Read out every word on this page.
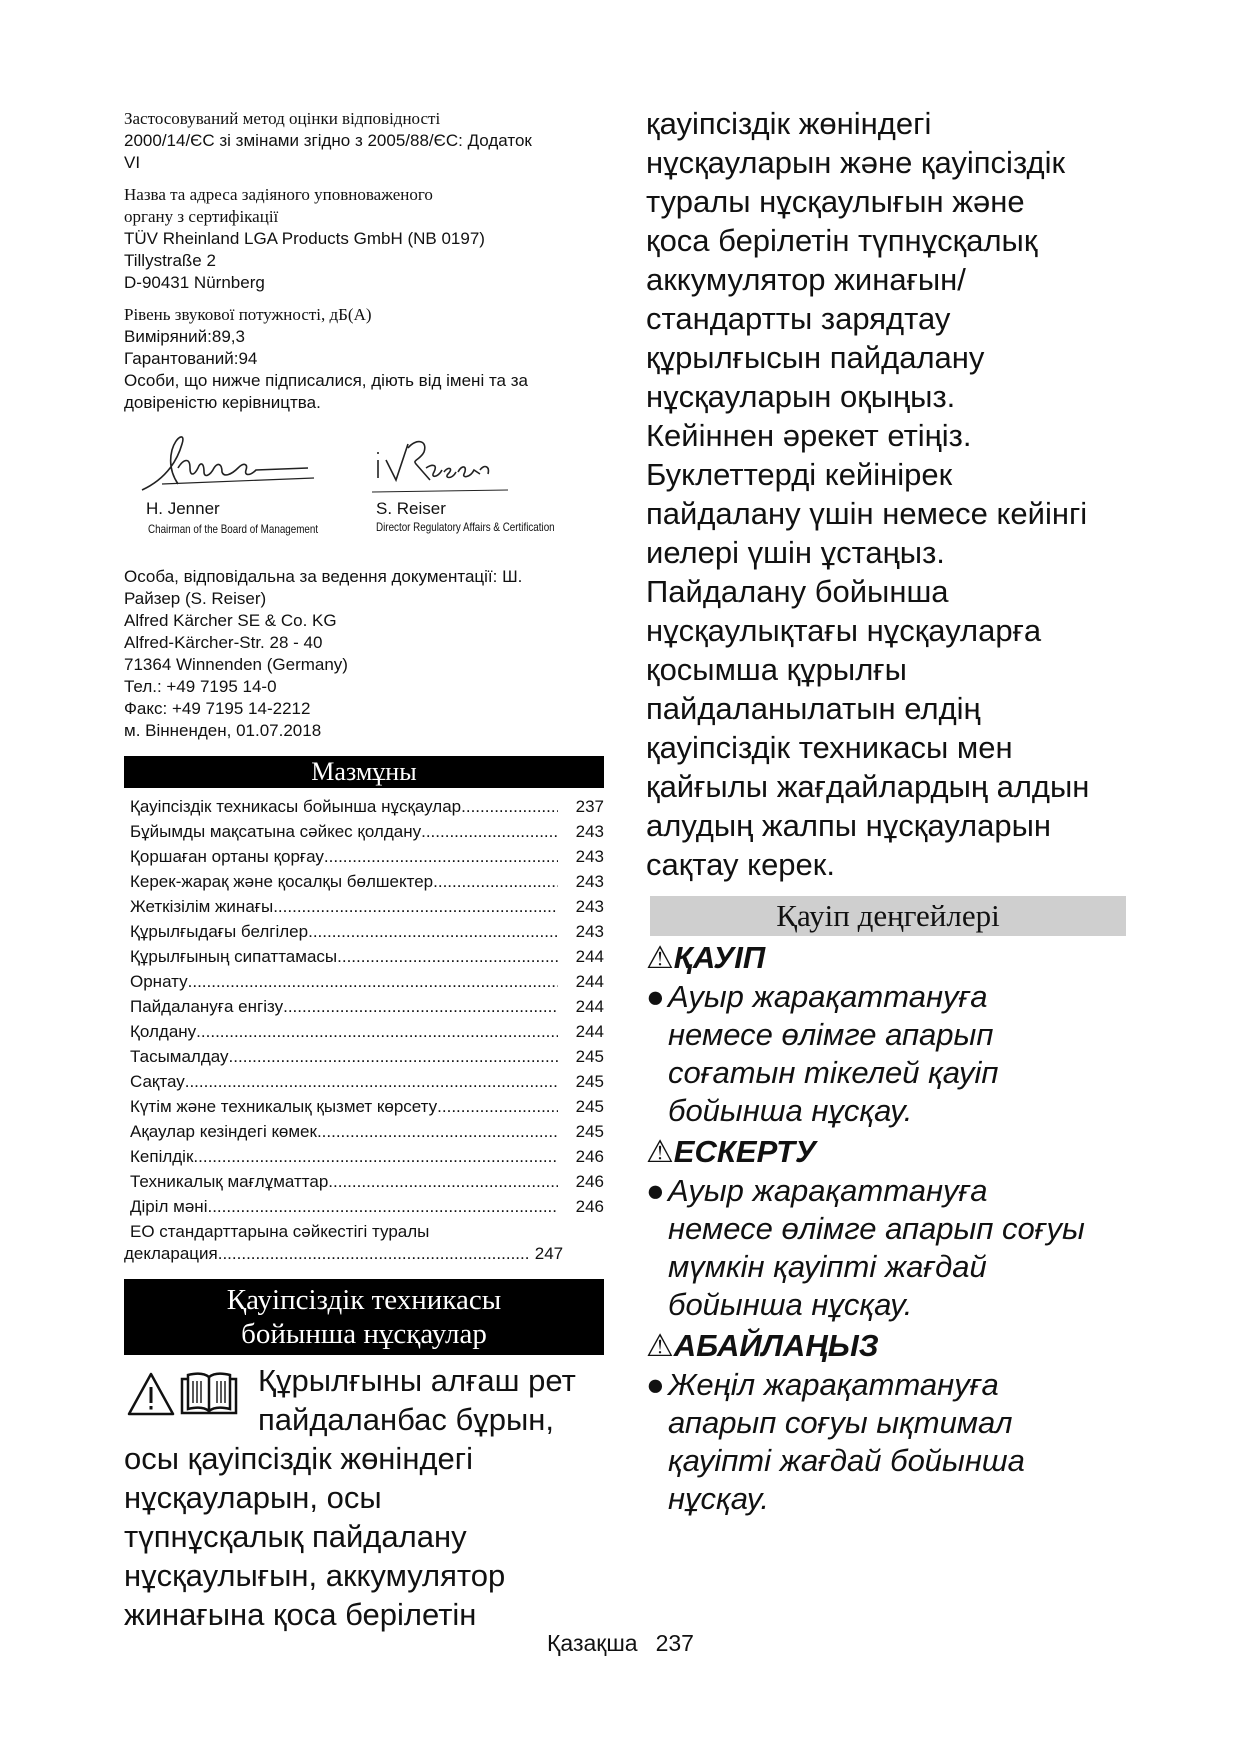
Застосовуваний метод оцінки відповідності

2000/14/ЄС зі змінами згідно з 2005/88/ЄС: Додаток

VI

Назва та адреса задіяного уповноваженого

органу з сертифікації

TÜV Rheinland LGA Products GmbH (NB 0197)

Tillystraße 2

D-90431 Nürnberg

Рівень звукової потужності, дБ(А)

Виміряний:89,3

Гарантований:94

Особи, що нижче підписалися, діють від імені та за

довіреністю керівництва.

H. Jenner
Chairman of the Board of Management
S. Reiser
Director Regulatory Affairs & Certification

Особа, відповідальна за ведення документації: Ш.

Райзер (S. Reiser)

Alfred Kärcher SE & Co. KG

Alfred-Kärcher-Str. 28 - 40

71364 Winnenden (Germany)

Тел.: +49 7195 14-0

Факс: +49 7195 14-2212

м. Вінненден, 01.07.2018

Мазмұны
Қауіпсіздік техникасы бойынша нұсқаулар .....	237
Бұйымды мақсатына сәйкес қолдану .....	243
Қоршаған ортаны қорғау .....	243
Керек-жарақ және қосалқы бөлшектер .....	243
Жеткізілім жинағы .....	243
Құрылғыдағы белгілер .....	243
Құрылғының сипаттамасы .....	244
Орнату .....	244
Пайдалануға енгізу .....	244
Қолдану .....	244
Тасымалдау .....	245
Сақтау .....	245
Күтім және техникалық қызмет көрсету .....	245
Ақаулар кезіндегі көмек .....	245
Кепілдік .....	246
Техникалық мағлұматтар .....	246
Діріл мәні .....	246
ЕО стандарттарына сәйкестігі туралы
декларация .....	247
Қауіпсіздік техникасы
бойынша нұсқаулар
Құрылғыны алғаш рет
пайдаланбас бұрын,
осы қауіпсіздік жөніндегі
нұсқауларын, осы
түпнұсқалық пайдалану
нұсқаулығын, аккумулятор
жинағына қоса берілетін
қауіпсіздік жөніндегі
нұсқауларын және қауіпсіздік
туралы нұсқаулығын және
қоса берілетін түпнұсқалық
аккумулятор жинағын/
стандартты зарядтау
құрылғысын пайдалану
нұсқауларын оқыңыз.
Кейіннен әрекет етіңіз.
Буклеттерді кейінірек
пайдалану үшін немесе кейінгі
иелері үшін ұстаңыз.
Пайдалану бойынша
нұсқаулықтағы нұсқауларға
қосымша құрылғы
пайдаланылатын елдің
қауіпсіздік техникасы мен
қайғылы жағдайлардың алдын
алудың жалпы нұсқауларын
сақтау керек.
Қауіп деңгейлері
⚠ҚАУІП
● Ауыр жарақаттануға
немесе өлімге апарып
соғатын тікелей қауіп
бойынша нұсқау.
⚠ЕСКЕРТУ
● Ауыр жарақаттануға
немесе өлімге апарып соғуы
мүмкін қауіпті жағдай
бойынша нұсқау.
⚠АБАЙЛАҢЫЗ
● Жеңіл жарақаттануға
апарып соғуы ықтимал
қауіпті жағдай бойынша
нұсқау.
Қазақша 237
